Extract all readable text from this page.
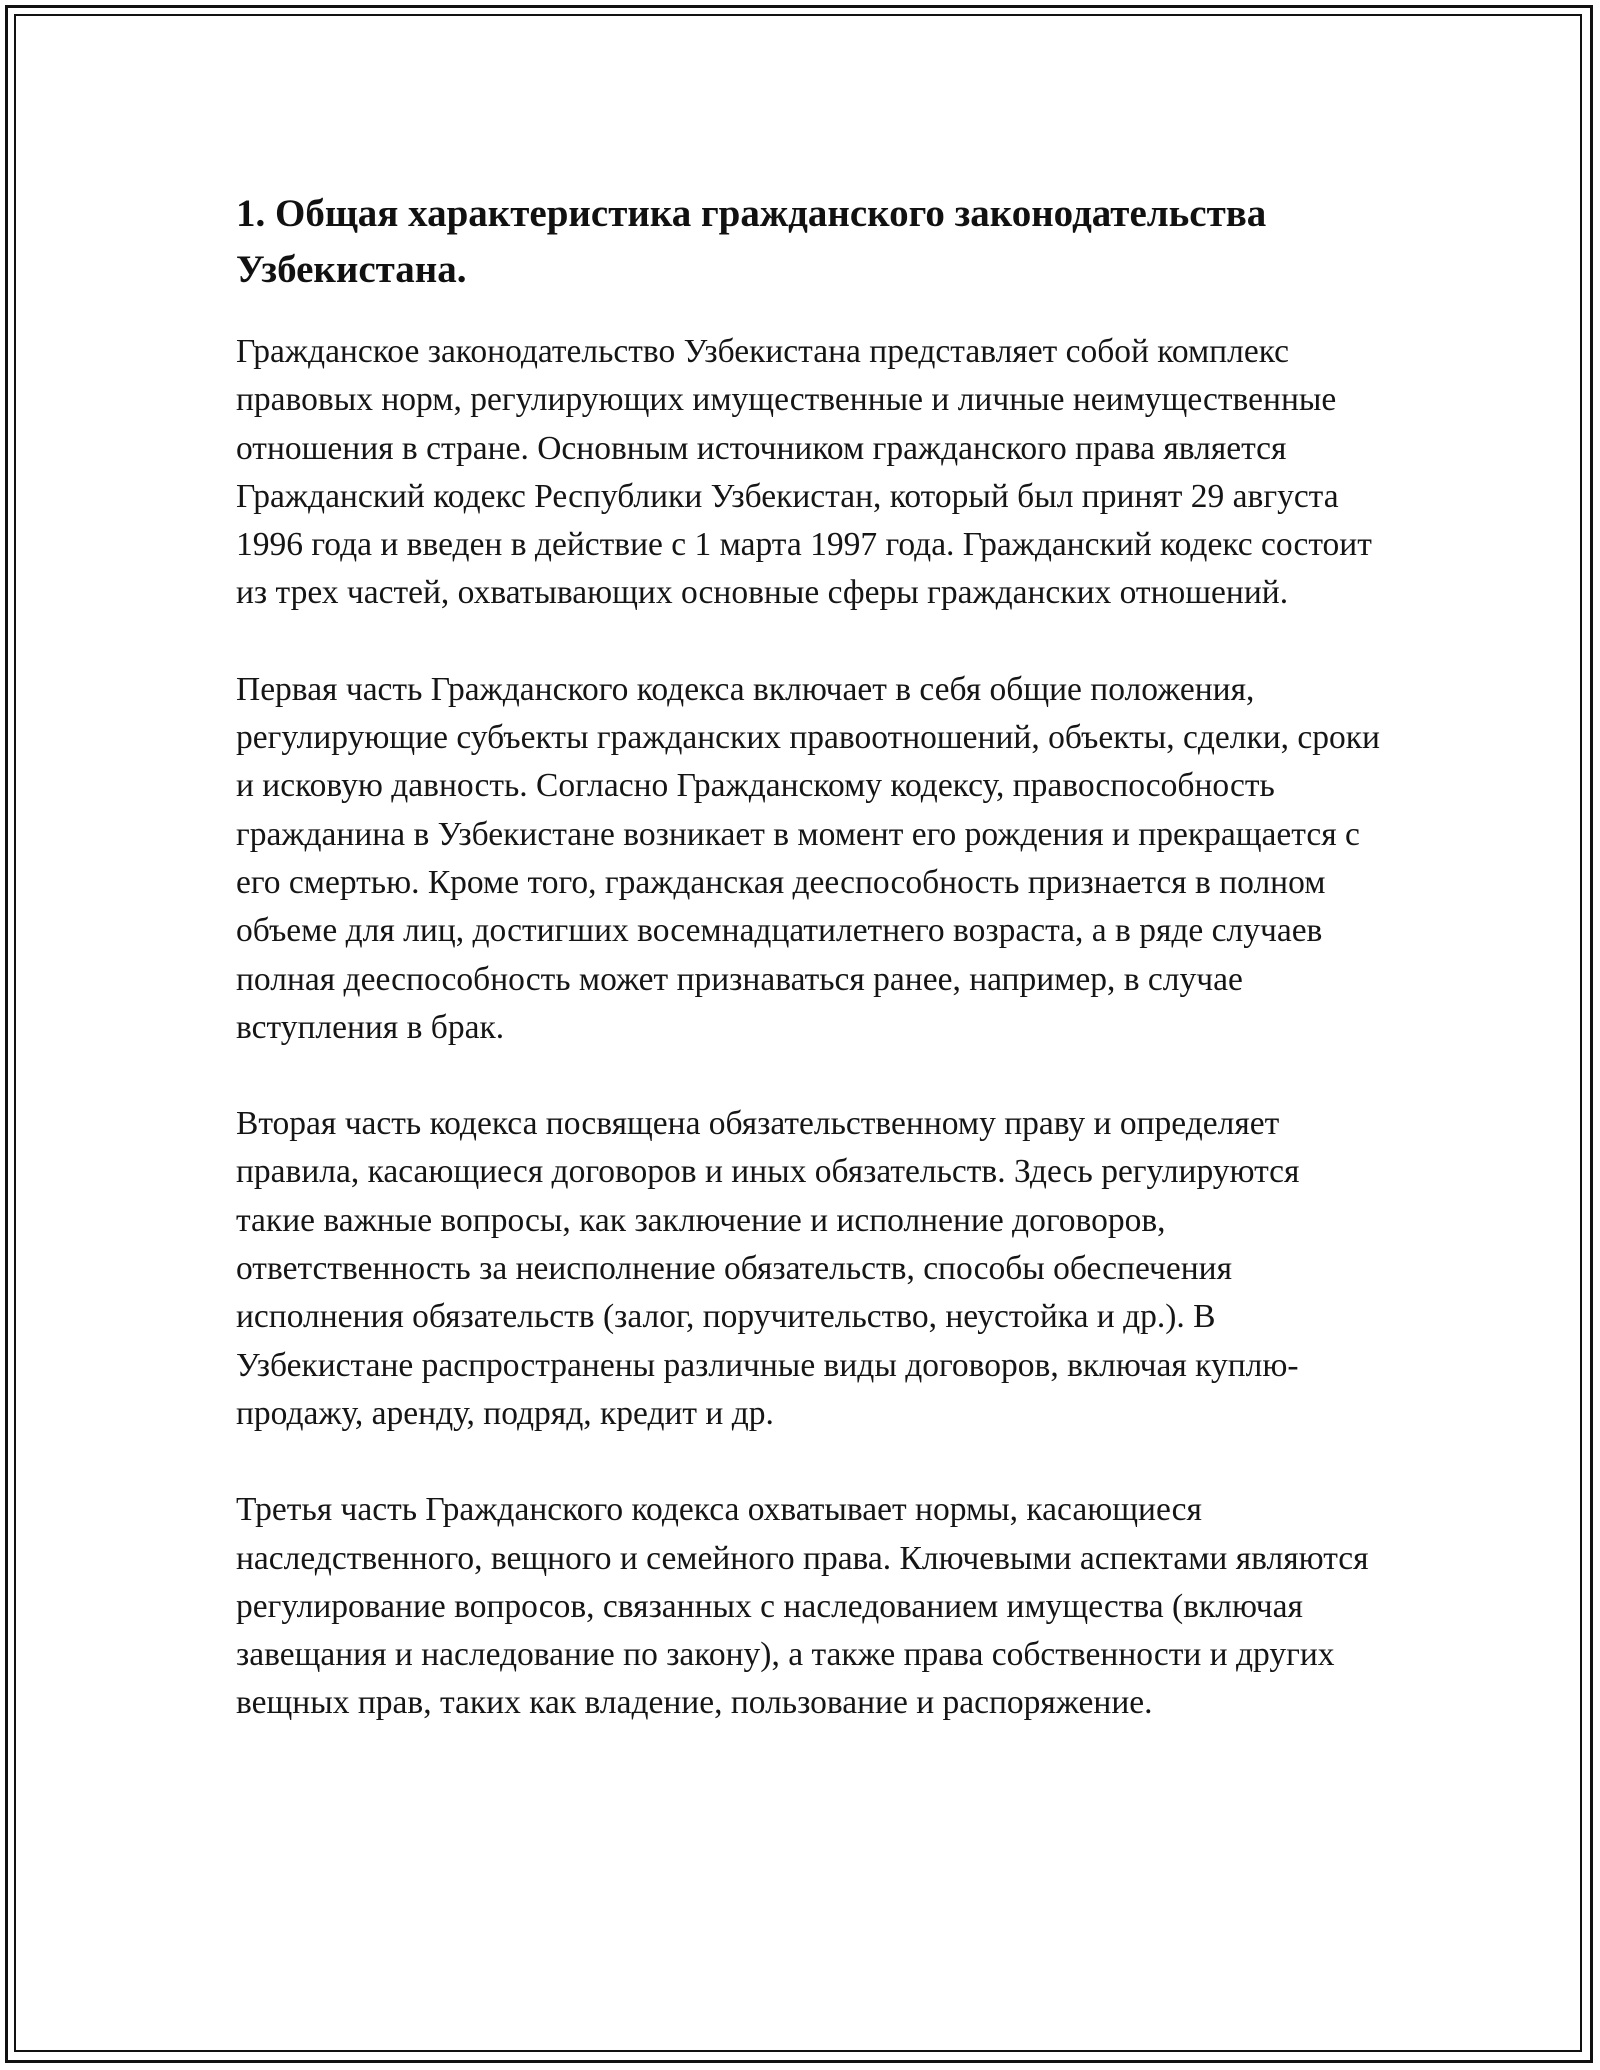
1. Общая характеристика гражданского законодательства Узбекистана.

Гражданское законодательство Узбекистана представляет собой комплекс правовых норм, регулирующих имущественные и личные неимущественные отношения в стране. Основным источником гражданского права является Гражданский кодекс Республики Узбекистан, который был принят 29 августа 1996 года и введен в действие с 1 марта 1997 года. Гражданский кодекс состоит из трех частей, охватывающих основные сферы гражданских отношений.

Первая часть Гражданского кодекса включает в себя общие положения, регулирующие субъекты гражданских правоотношений, объекты, сделки, сроки и исковую давность. Согласно Гражданскому кодексу, правоспособность гражданина в Узбекистане возникает в момент его рождения и прекращается с его смертью. Кроме того, гражданская дееспособность признается в полном объеме для лиц, достигших восемнадцатилетнего возраста, а в ряде случаев полная дееспособность может признаваться ранее, например, в случае вступления в брак.

Вторая часть кодекса посвящена обязательственному праву и определяет правила, касающиеся договоров и иных обязательств. Здесь регулируются такие важные вопросы, как заключение и исполнение договоров, ответственность за неисполнение обязательств, способы обеспечения исполнения обязательств (залог, поручительство, неустойка и др.). В Узбекистане распространены различные виды договоров, включая куплю-продажу, аренду, подряд, кредит и др.

Третья часть Гражданского кодекса охватывает нормы, касающиеся наследственного, вещного и семейного права. Ключевыми аспектами являются регулирование вопросов, связанных с наследованием имущества (включая завещания и наследование по закону), а также права собственности и других вещных прав, таких как владение, пользование и распоряжение.
